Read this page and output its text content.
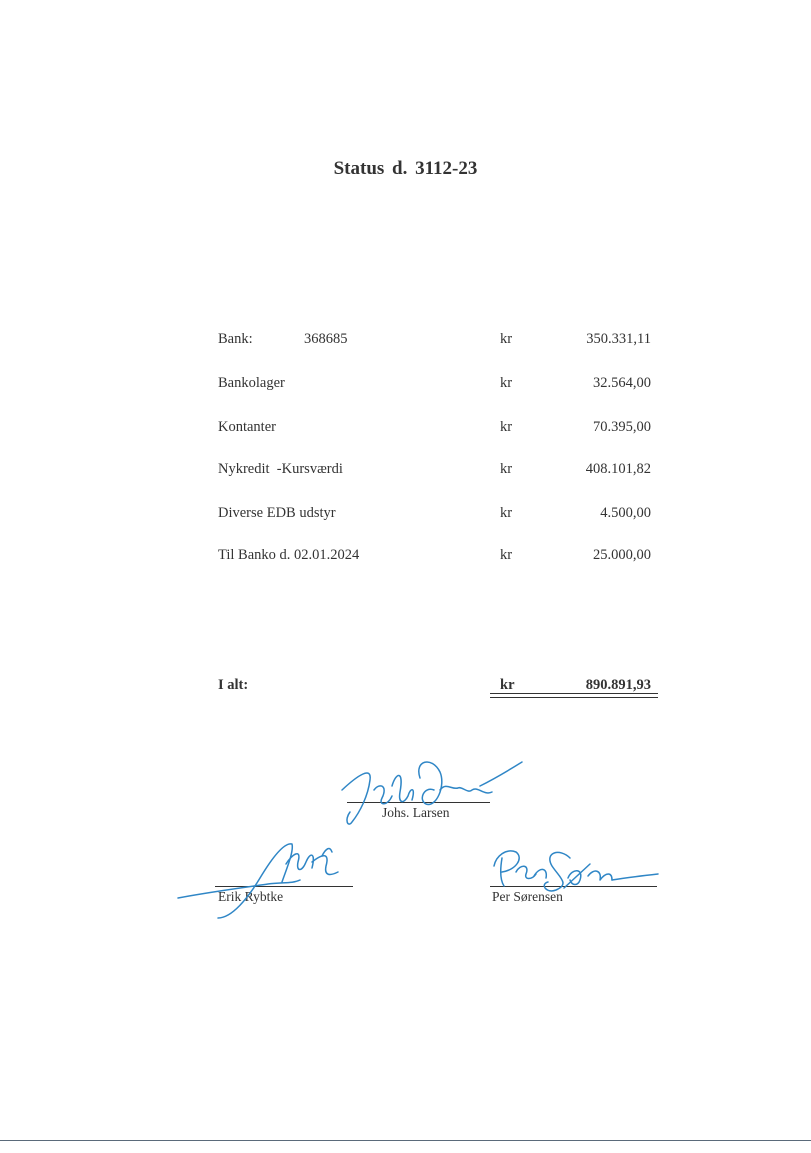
Status d. 3112-23
Bank:	368685	kr	350.331,11
Bankolager	kr	32.564,00
Kontanter	kr	70.395,00
Nykredit  -Kursværdi	kr	408.101,82
Diverse EDB udstyr	kr	4.500,00
Til Banko d. 02.01.2024	kr	25.000,00
I alt:	kr	890.891,93
Johs. Larsen
Erik Rybtke	Per Sørensen
